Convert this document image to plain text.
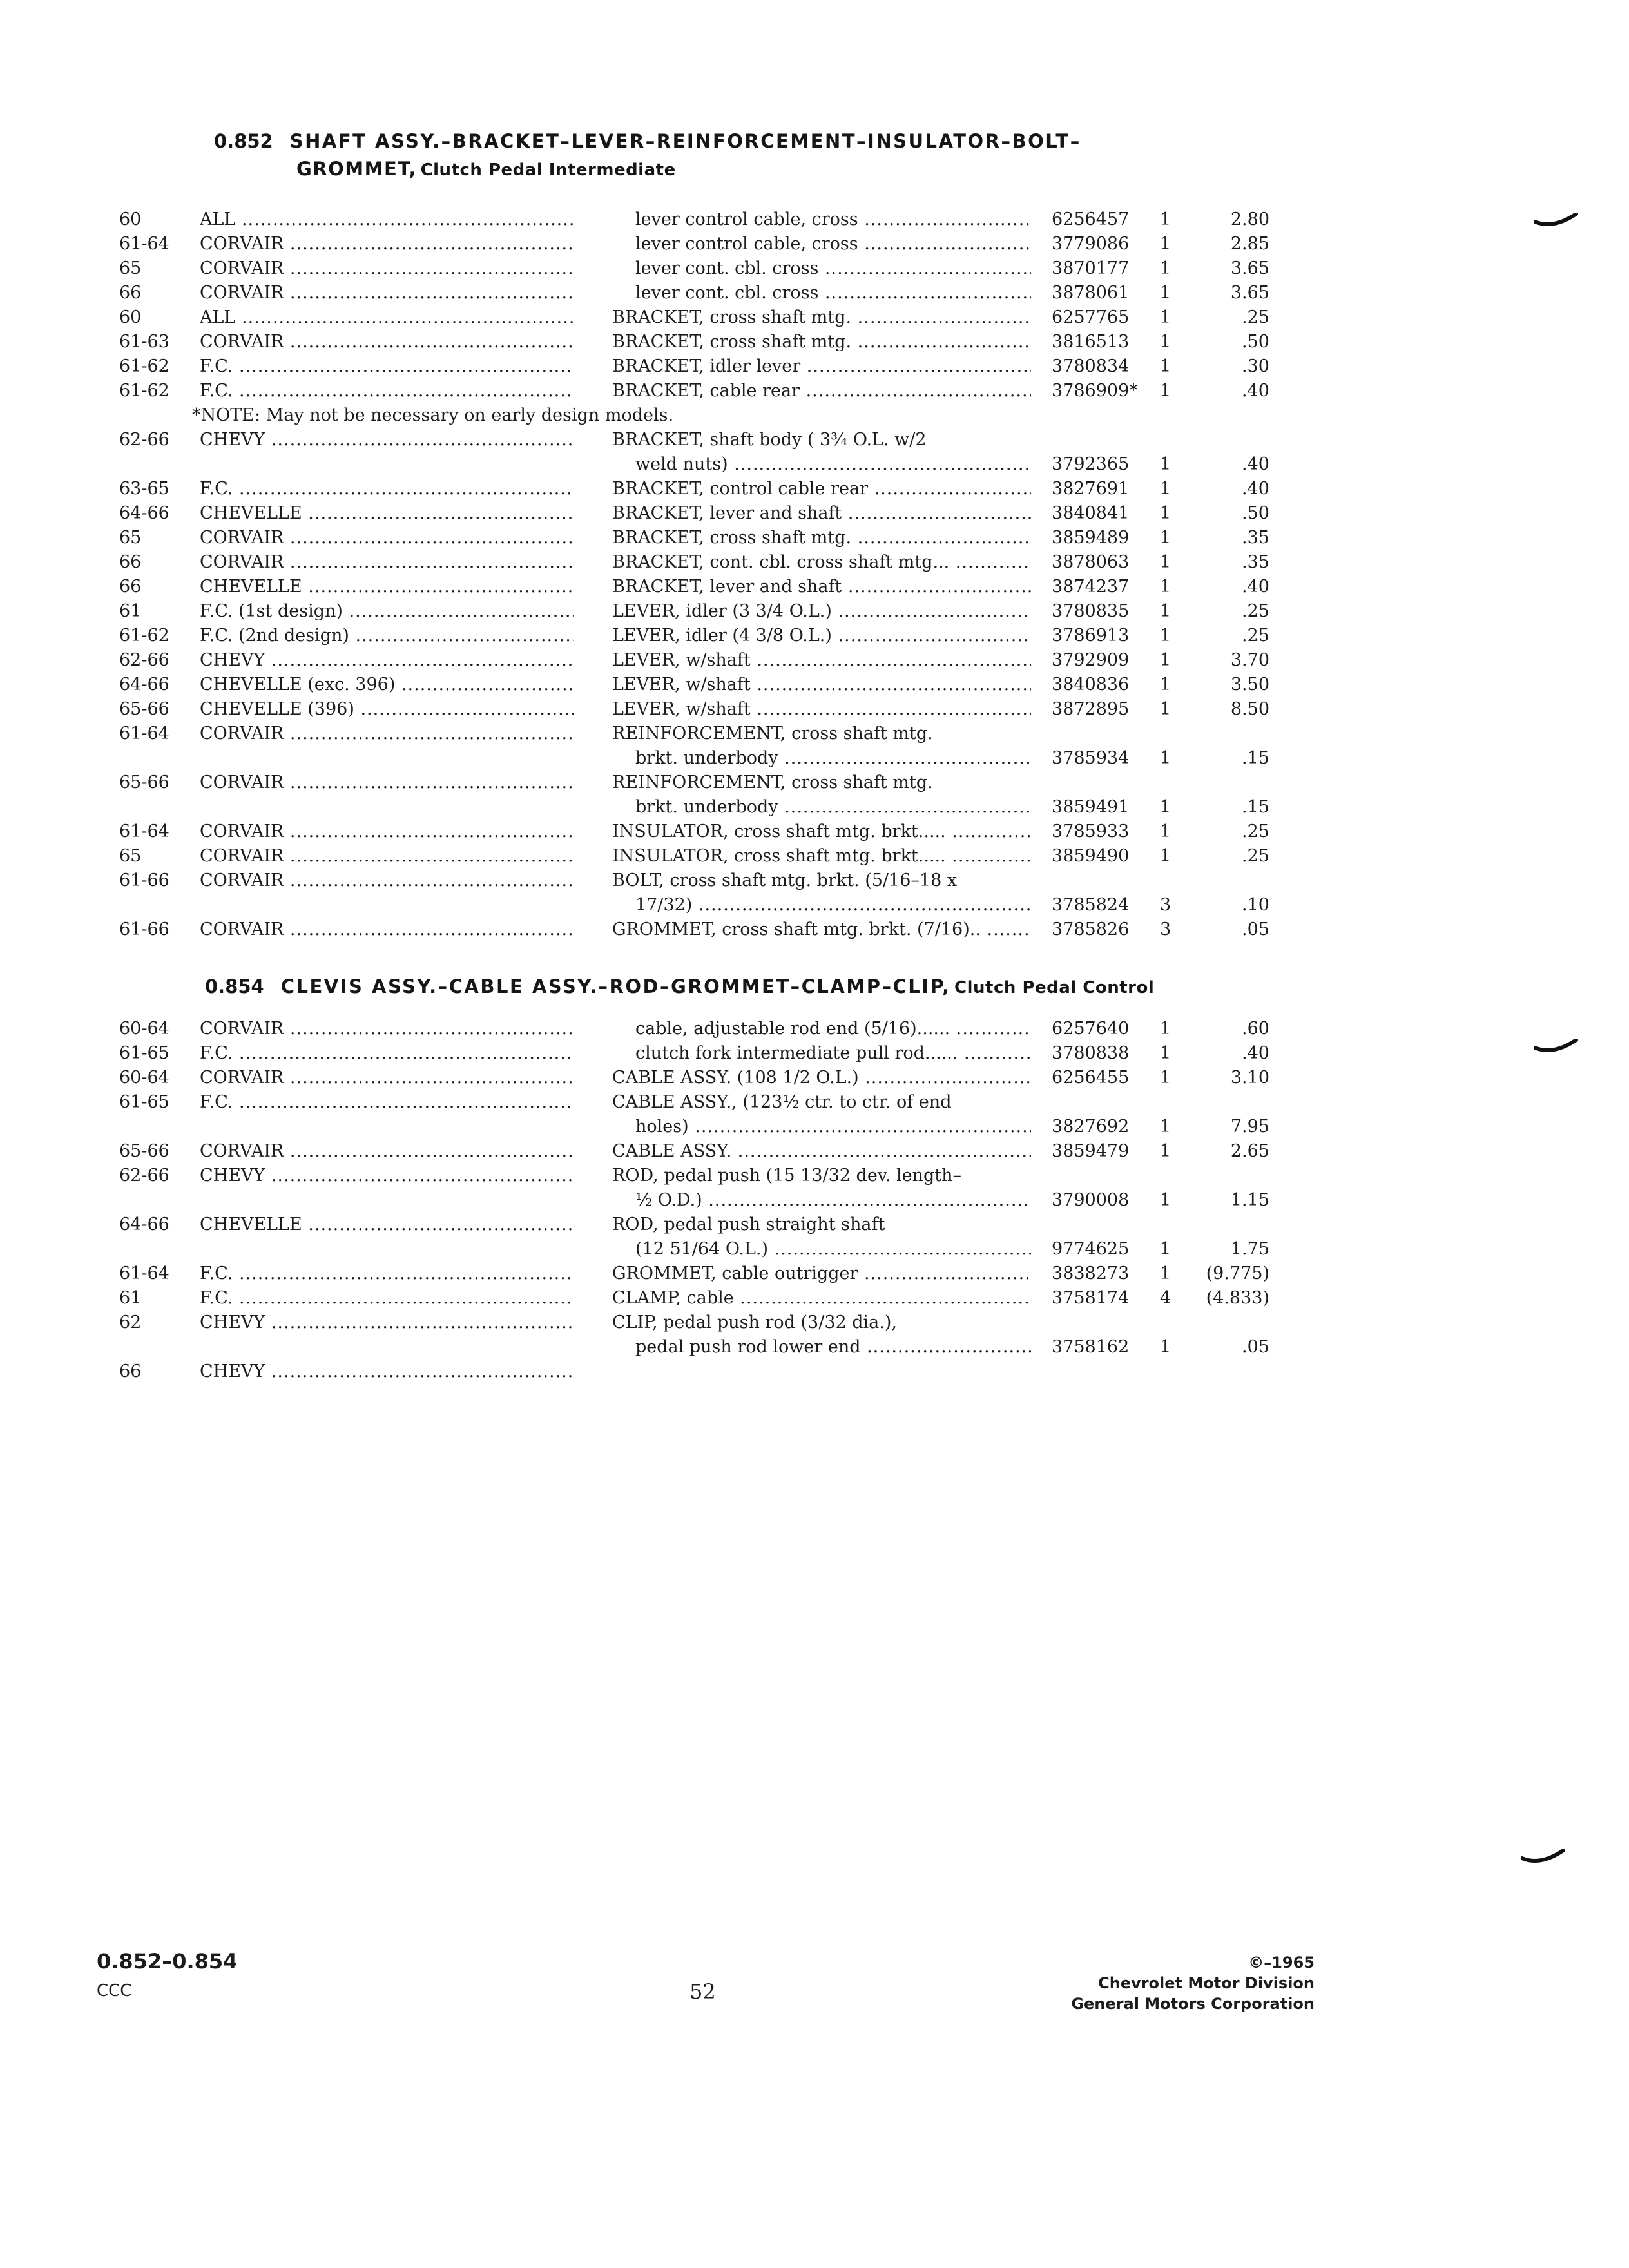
0.852 SHAFT ASSY.–BRACKET–LEVER–REINFORCEMENT–INSULATOR–BOLT–
GROMMET, Clutch Pedal Intermediate
60	ALL .....	lever control cable, cross .....	6256457	1	2.80
61-64	CORVAIR .....	lever control cable, cross .....	3779086	1	2.85
65	CORVAIR .....	lever cont. cbl. cross .....	3870177	1	3.65
66	CORVAIR .....	lever cont. cbl. cross .....	3878061	1	3.65
60	ALL .....	BRACKET, cross shaft mtg. .....	6257765	1	.25
61-63	CORVAIR .....	BRACKET, cross shaft mtg. .....	3816513	1	.50
61-62	F.C. .....	BRACKET, idler lever .....	3780834	1	.30
61-62	F.C. .....	BRACKET, cable rear .....	3786909*	1	.40
*NOTE: May not be necessary on early design models.
62-66	CHEVY .....	BRACKET, shaft body ( 3¾ O.L. w/2
weld nuts) .....	3792365	1	.40
63-65	F.C. .....	BRACKET, control cable rear .....	3827691	1	.40
64-66	CHEVELLE .....	BRACKET, lever and shaft .....	3840841	1	.50
65	CORVAIR .....	BRACKET, cross shaft mtg. .....	3859489	1	.35
66	CORVAIR .....	BRACKET, cont. cbl. cross shaft mtg... .....	3878063	1	.35
66	CHEVELLE .....	BRACKET, lever and shaft .....	3874237	1	.40
61	F.C. (1st design) .....	LEVER, idler (3 3/4 O.L.) .....	3780835	1	.25
61-62	F.C. (2nd design) .....	LEVER, idler (4 3/8 O.L.) .....	3786913	1	.25
62-66	CHEVY .....	LEVER, w/shaft .....	3792909	1	3.70
64-66	CHEVELLE (exc. 396) .....	LEVER, w/shaft .....	3840836	1	3.50
65-66	CHEVELLE (396) .....	LEVER, w/shaft .....	3872895	1	8.50
61-64	CORVAIR .....	REINFORCEMENT, cross shaft mtg.
brkt. underbody .....	3785934	1	.15
65-66	CORVAIR .....	REINFORCEMENT, cross shaft mtg.
brkt. underbody .....	3859491	1	.15
61-64	CORVAIR .....	INSULATOR, cross shaft mtg. brkt..... .....	3785933	1	.25
65	CORVAIR .....	INSULATOR, cross shaft mtg. brkt..... .....	3859490	1	.25
61-66	CORVAIR .....	BOLT, cross shaft mtg. brkt. (5/16–18 x
17/32) .....	3785824	3	.10
61-66	CORVAIR .....	GROMMET, cross shaft mtg. brkt. (7/16).. .....	3785826	3	.05
0.854 CLEVIS ASSY.–CABLE ASSY.–ROD–GROMMET–CLAMP–CLIP, Clutch Pedal Control
60-64	CORVAIR .....	cable, adjustable rod end (5/16)...... .....	6257640	1	.60
61-65	F.C. .....	clutch fork intermediate pull rod...... .....	3780838	1	.40
60-64	CORVAIR .....	CABLE ASSY. (108 1/2 O.L.) .....	6256455	1	3.10
61-65	F.C. .....	CABLE ASSY., (123½ ctr. to ctr. of end
holes) .....	3827692	1	7.95
65-66	CORVAIR .....	CABLE ASSY. .....	3859479	1	2.65
62-66	CHEVY .....	ROD, pedal push (15 13/32 dev. length–
½ O.D.) .....	3790008	1	1.15
64-66	CHEVELLE .....	ROD, pedal push straight shaft
(12 51/64 O.L.) .....	9774625	1	1.75
61-64	F.C. .....	GROMMET, cable outrigger .....	3838273	1	(9.775)
61	F.C. .....	CLAMP, cable .....	3758174	4	(4.833)
62	CHEVY .....	CLIP, pedal push rod (3/32 dia.),
pedal push rod lower end .....	3758162	1	.05
66	CHEVY .....
0.852–0.854
CCC	52
©–1965
Chevrolet Motor Division
General Motors Corporation
